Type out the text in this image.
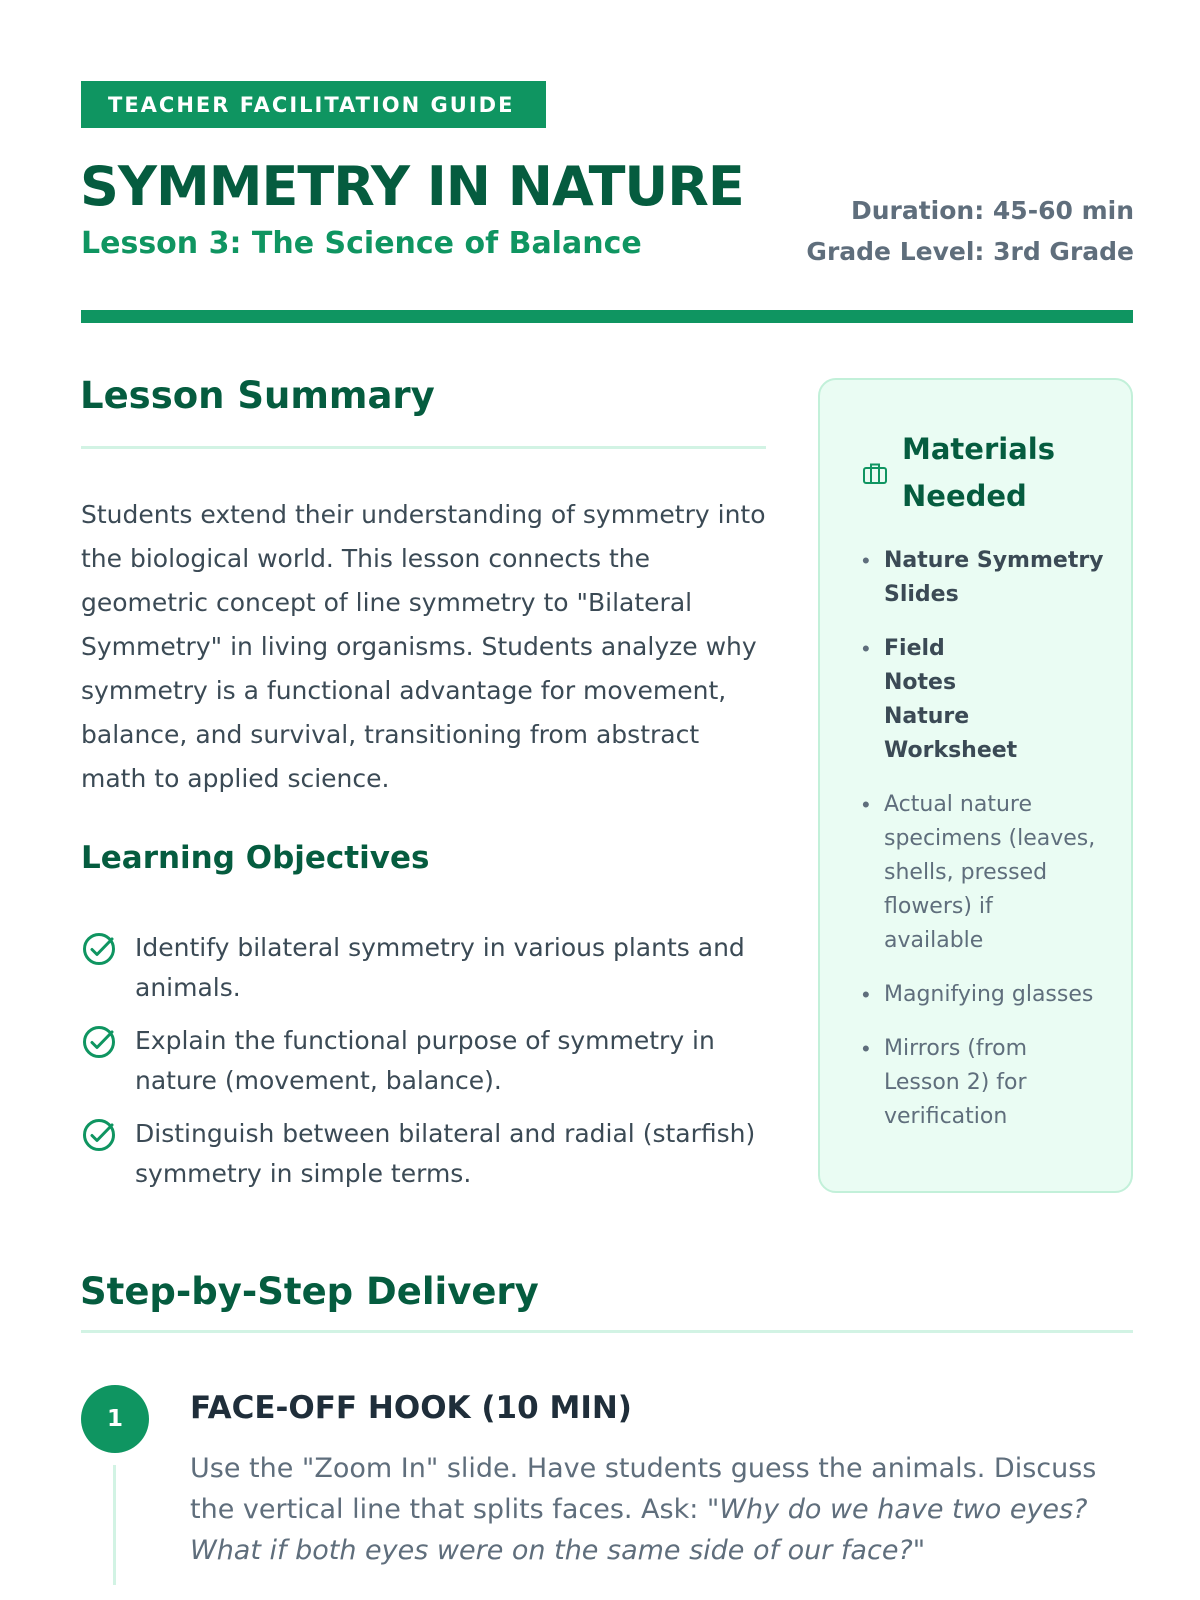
TEACHER FACILITATION GUIDE
SYMMETRY IN NATURE
Lesson 3: The Science of Balance
Duration: 45-60 min
Grade Level: 3rd Grade
Lesson Summary

Students extend their understanding of symmetry into the biological world. This lesson connects the geometric concept of line symmetry to "Bilateral Symmetry" in living organisms. Students analyze why symmetry is a functional advantage for movement, balance, and survival, transitioning from abstract math to applied science.

Learning Objectives
Identify bilateral symmetry in various plants and animals.
Explain the functional purpose of symmetry in nature (movement, balance).
Distinguish between bilateral and radial (starfish) symmetry in simple terms.
Materials Needed
• Nature Symmetry Slides
• Field Notes Nature Worksheet
• Actual nature specimens (leaves, shells, pressed flowers) if available
• Magnifying glasses
• Mirrors (from Lesson 2) for verification
Step-by-Step Delivery
1	FACE-OFF HOOK (10 MIN)

Use the "Zoom In" slide. Have students guess the animals. Discuss the vertical line that splits faces. Ask: "Why do we have two eyes? What if both eyes were on the same side of our face?"
